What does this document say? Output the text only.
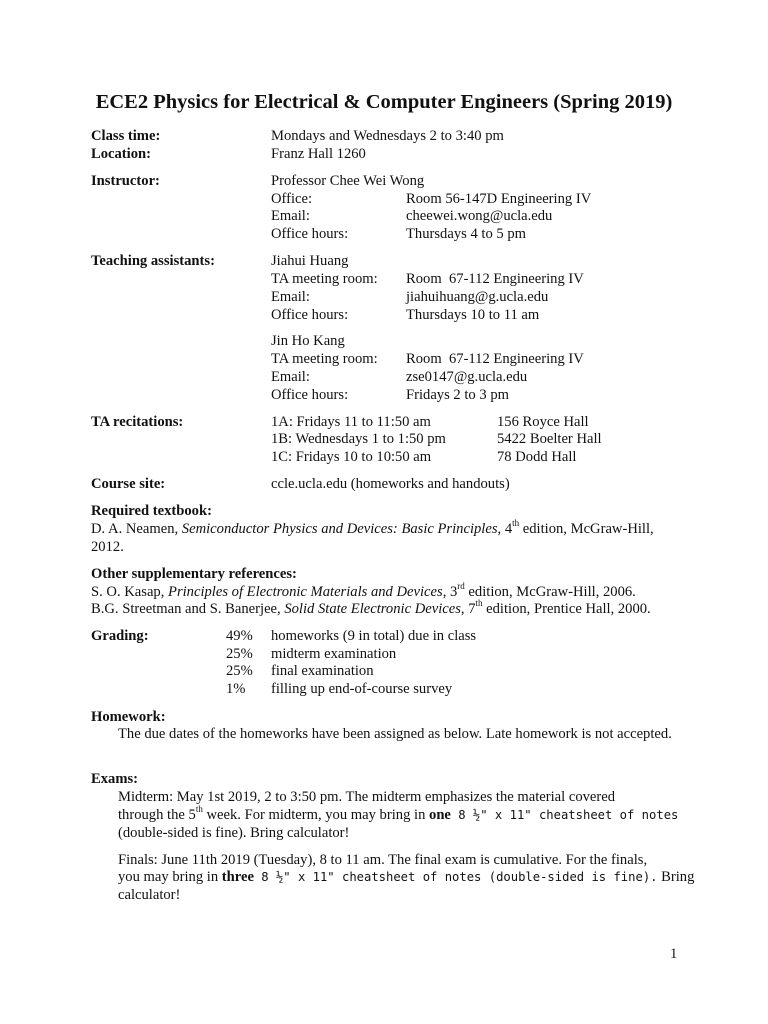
ECE2 Physics for Electrical & Computer Engineers (Spring 2019)
Class time:	Mondays and Wednesdays 2 to 3:40 pm
Location:	Franz Hall 1260
Instructor:	Professor Chee Wei Wong
Office:	Room 56-147D Engineering IV
Email:	cheewei.wong@ucla.edu
Office hours:	Thursdays 4 to 5 pm
Teaching assistants:	Jiahui Huang
TA meeting room: Room  67-112 Engineering IV
Email:	jiahuihuang@g.ucla.edu
Office hours:	Thursdays 10 to 11 am
Jin Ho Kang
TA meeting room: Room  67-112 Engineering IV
Email:	zse0147@g.ucla.edu
Office hours:	Fridays 2 to 3 pm
TA recitations:	1A: Fridays 11 to 11:50 am	156 Royce Hall
1B: Wednesdays 1 to 1:50 pm	5422 Boelter Hall
1C: Fridays 10 to 10:50 am	78 Dodd Hall
Course site:	ccle.ucla.edu (homeworks and handouts)
Required textbook:
D. A. Neamen, Semiconductor Physics and Devices: Basic Principles, 4th edition, McGraw-Hill,
2012.
Other supplementary references:
S. O. Kasap, Principles of Electronic Materials and Devices, 3rd edition, McGraw-Hill, 2006.
B.G. Streetman and S. Banerjee, Solid State Electronic Devices, 7th edition, Prentice Hall, 2000.
Grading:	49% homeworks (9 in total) due in class
25% midterm examination
25% final examination
1% filling up end-of-course survey
Homework:
The due dates of the homeworks have been assigned as below. Late homework is not accepted.
Exams:
Midterm: May 1st 2019, 2 to 3:50 pm. The midterm emphasizes the material covered
through the 5th week. For midterm, you may bring in one 8 ½" x 11" cheatsheet of notes
(double-sided is fine). Bring calculator!
Finals: June 11th 2019 (Tuesday), 8 to 11 am. The final exam is cumulative. For the finals,
you may bring in three 8 ½" x 11" cheatsheet of notes (double-sided is fine). Bring
calculator!
1
